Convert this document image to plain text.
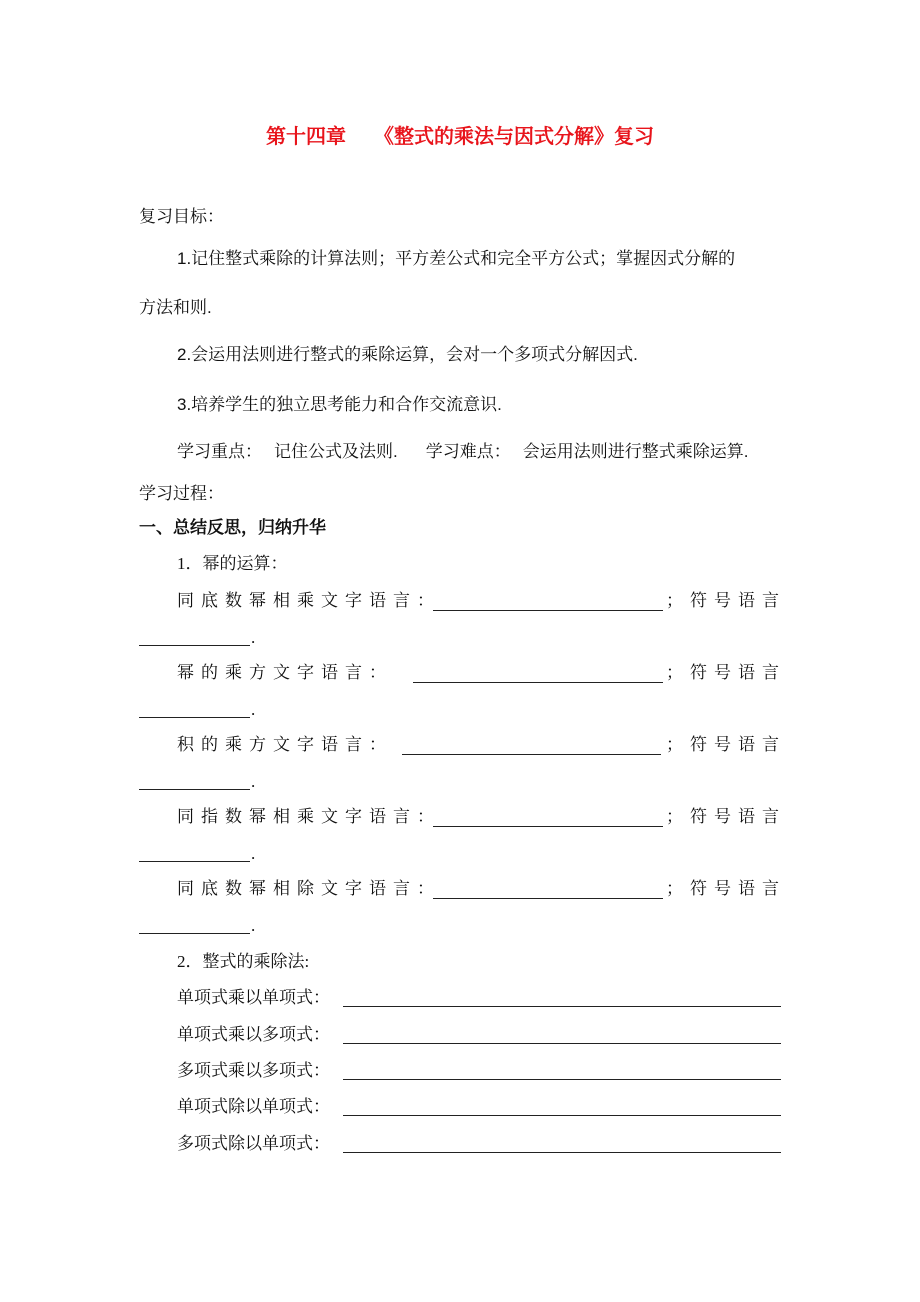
第十四章 《整式的乘法与因式分解》复习
复习目标：
1.记住整式乘除的计算法则；平方差公式和完全平方公式；掌握因式分解的
方法和则.
2.会运用法则进行整式的乘除运算，会对一个多项式分解因式.
3.培养学生的独立思考能力和合作交流意识.
学习重点： 记住公式及法则. 学习难点： 会运用法则进行整式乘除运算.
学习过程：
一、总结反思，归纳升华
1．幂的运算：
同底数幂相乘文字语言：	；符号语言
.
幂的乘方文字语言：	；符号语言
.
积的乘方文字语言：	；符号语言
.
同指数幂相乘文字语言：	；符号语言
.
同底数幂相除文字语言：	；符号语言
.
2．整式的乘除法:
单项式乘以单项式：
单项式乘以多项式：
多项式乘以多项式：
单项式除以单项式：
多项式除以单项式：
